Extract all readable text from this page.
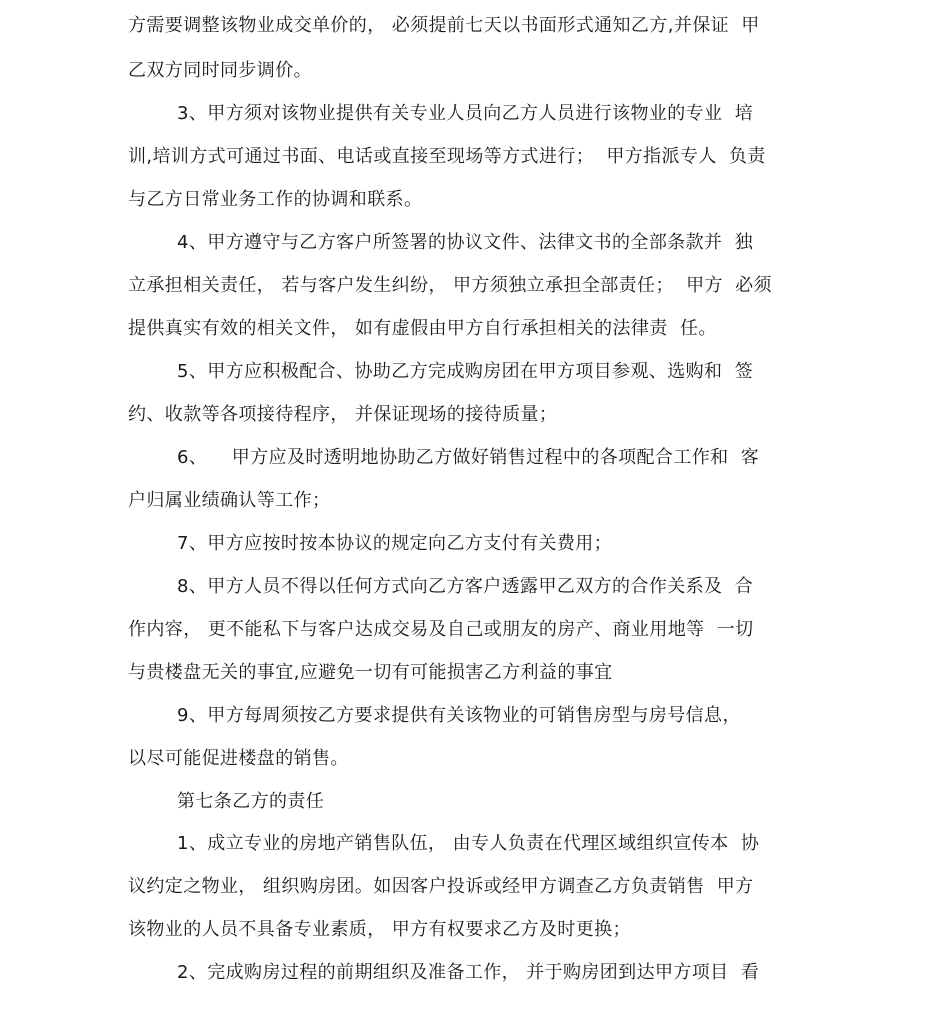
方需要调整该物业成交单价的， 必须提前七天以书面形式通知乙方,并保证  甲
乙双方同时同步调价。
3、甲方须对该物业提供有关专业人员向乙方人员进行该物业的专业  培
训,培训方式可通过书面、电话或直接至现场等方式进行；  甲方指派专人  负责
与乙方日常业务工作的协调和联系。
4、甲方遵守与乙方客户所签署的协议文件、法律文书的全部条款并  独
立承担相关责任， 若与客户发生纠纷， 甲方须独立承担全部责任；  甲方  必须
提供真实有效的相关文件， 如有虚假由甲方自行承担相关的法律责  任。
5、甲方应积极配合、协助乙方完成购房团在甲方项目参观、选购和  签
约、收款等各项接待程序， 并保证现场的接待质量；
6、    甲方应及时透明地协助乙方做好销售过程中的各项配合工作和  客
户归属业绩确认等工作；
7、甲方应按时按本协议的规定向乙方支付有关费用；
8、甲方人员不得以任何方式向乙方客户透露甲乙双方的合作关系及  合
作内容， 更不能私下与客户达成交易及自己或朋友的房产、商业用地等  一切
与贵楼盘无关的事宜,应避免一切有可能损害乙方利益的事宜
9、甲方每周须按乙方要求提供有关该物业的可销售房型与房号信息，
以尽可能促进楼盘的销售。
第七条乙方的责任
1、成立专业的房地产销售队伍， 由专人负责在代理区域组织宣传本  协
议约定之物业， 组织购房团。如因客户投诉或经甲方调查乙方负责销售  甲方
该物业的人员不具备专业素质， 甲方有权要求乙方及时更换；
2、完成购房过程的前期组织及准备工作， 并于购房团到达甲方项目  看
